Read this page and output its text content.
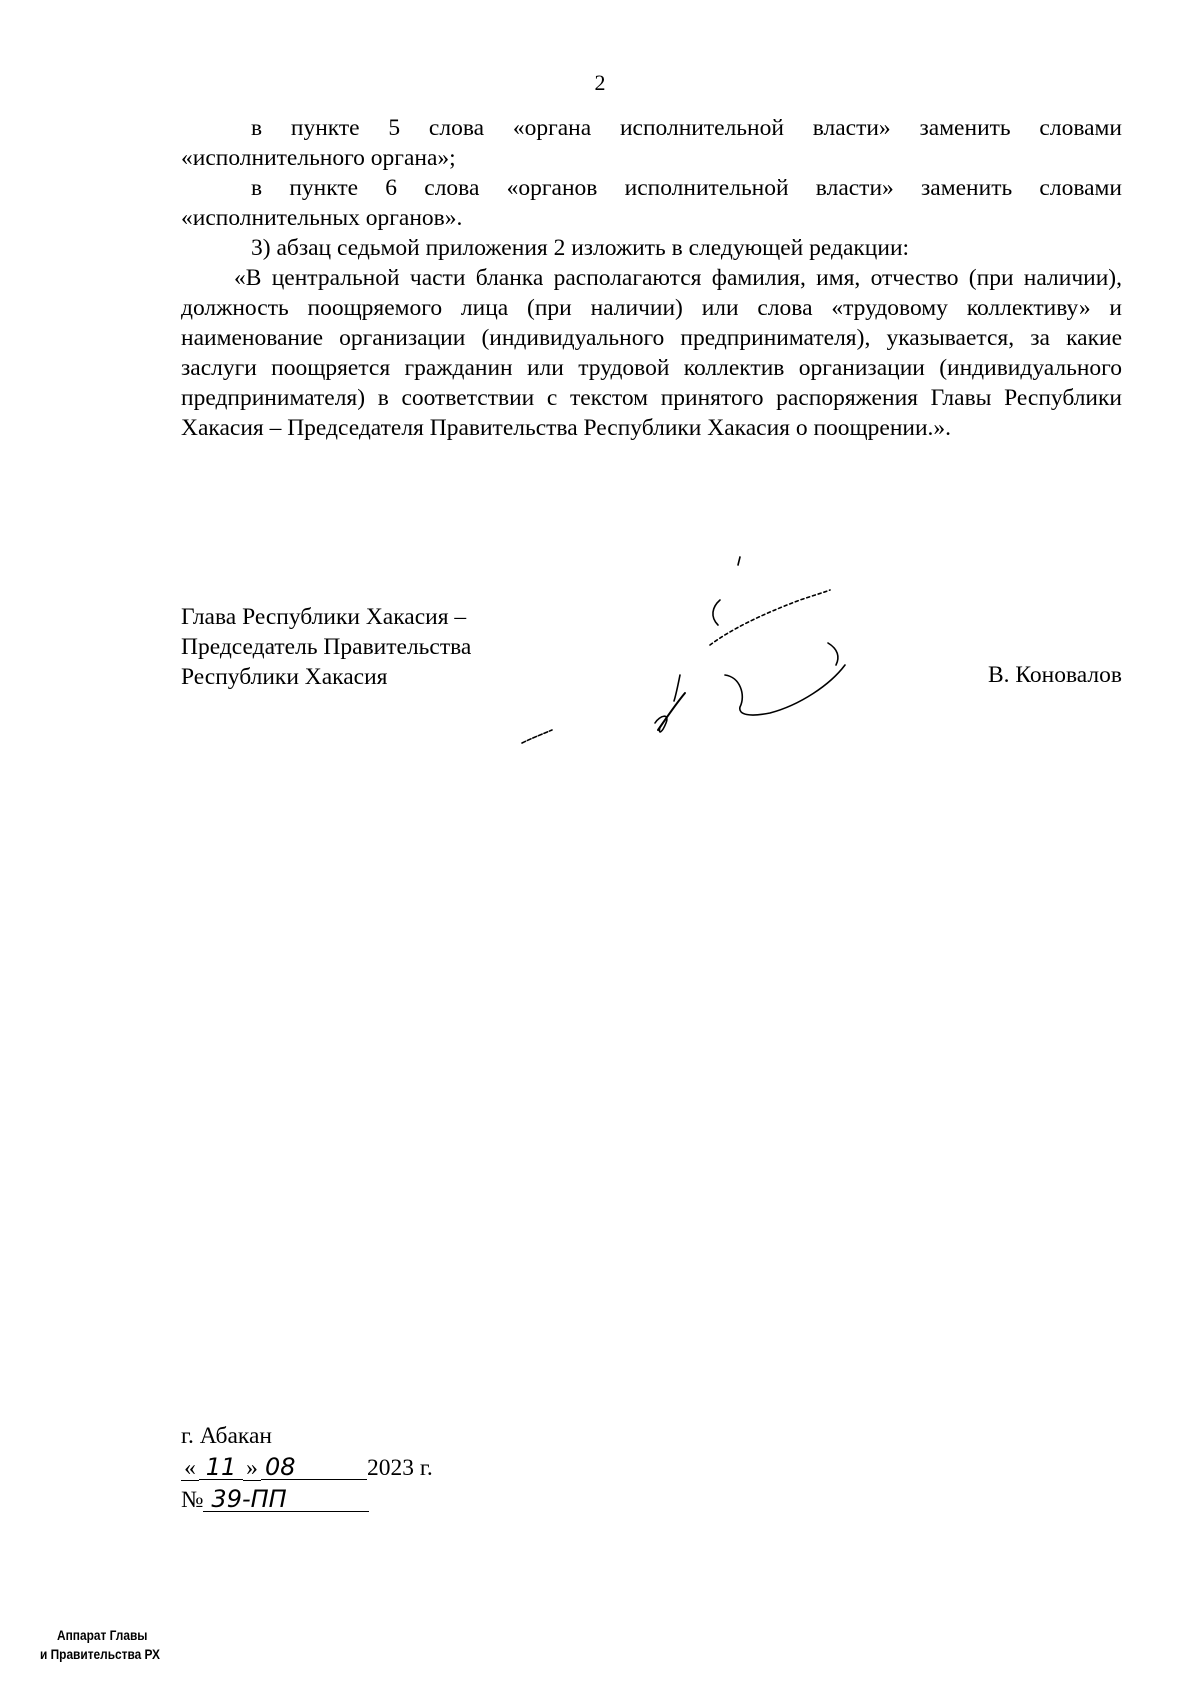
2

в пункте 5 слова «органа исполнительной власти» заменить словами «исполнительного органа»;

в пункте 6 слова «органов исполнительной власти» заменить словами «исполнительных органов».

3) абзац седьмой приложения 2 изложить в следующей редакции:

«В центральной части бланка располагаются фамилия, имя, отчество (при наличии), должность поощряемого лица (при наличии) или слова «трудовому коллективу» и наименование организации (индивидуального предпринимателя), указывается, за какие заслуги поощряется гражданин или трудовой коллектив организации (индивидуального предпринимателя) в соответствии с текстом принятого распоряжения Главы Республики Хакасия – Председателя Правительства Республики Хакасия о поощрении.».

Глава Республики Хакасия –
Председатель Правительства
Республики Хакасия	В. Коновалов
г. Абакан
« 11 » 08	2023 г.
№ 39-ПП
Аппарат Главы
и Правительства РХ
